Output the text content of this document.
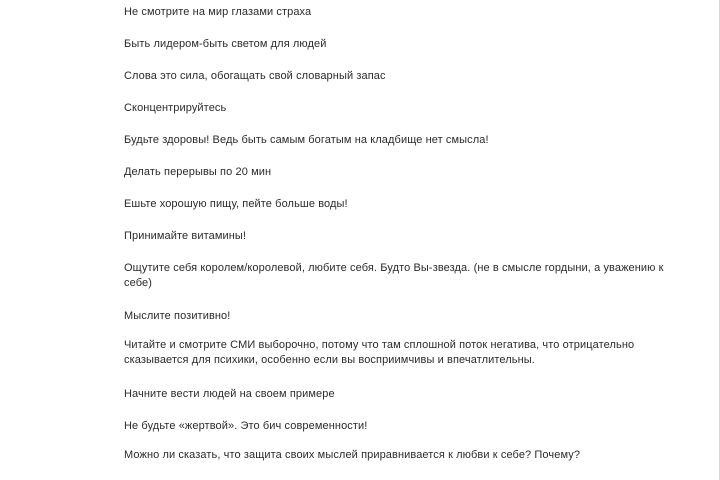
Не смотрите на мир глазами страха
Быть лидером-быть светом для людей
Слова это сила, обогащать свой словарный запас
Сконцентрируйтесь
Будьте здоровы! Ведь быть самым богатым на кладбище нет смысла!
Делать перерывы по 20 мин
Ешьте хорошую пищу, пейте больше воды!
Принимайте витамины!
Ощутите себя королем/королевой, любите себя. Будто Вы-звезда. (не в смысле гордыни, а уважению к себе)
Мыслите позитивно!
Читайте и смотрите СМИ выборочно, потому что там сплошной поток негатива, что отрицательно сказывается для психики, особенно если вы восприимчивы и впечатлительны.
Начните вести людей на своем примере
Не будьте «жертвой». Это бич современности!
Можно ли сказать, что защита своих мыслей приравнивается к любви к себе? Почему?
